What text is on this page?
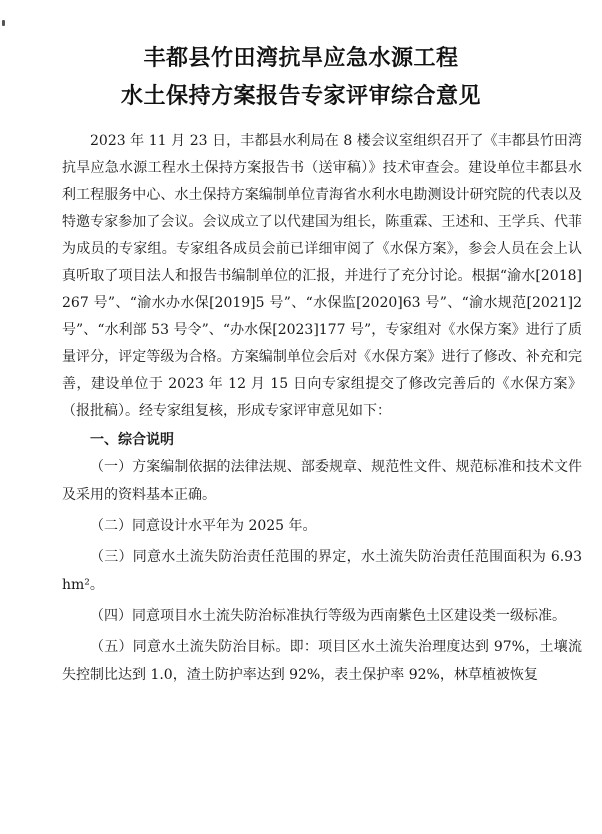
丰都县竹田湾抗旱应急水源工程
水土保持方案报告专家评审综合意见

2023 年 11 月 23 日，丰都县水利局在 8 楼会议室组织召开了《丰都县竹田湾抗旱应急水源工程水土保持方案报告书（送审稿）》技术审查会。建设单位丰都县水利工程服务中心、水土保持方案编制单位青海省水利水电勘测设计研究院的代表以及特邀专家参加了会议。会议成立了以代建国为组长，陈重霖、王述和、王学兵、代菲为成员的专家组。专家组各成员会前已详细审阅了《水保方案》，参会人员在会上认真听取了项目法人和报告书编制单位的汇报，并进行了充分讨论。根据“渝水[2018]267 号”、“渝水办水保[2019]5 号”、“水保监[2020]63 号”、“渝水规范[2021]2 号”、“水利部 53 号令”、“办水保[2023]177 号”，专家组对《水保方案》进行了质量评分，评定等级为合格。方案编制单位会后对《水保方案》进行了修改、补充和完善，建设单位于 2023 年 12 月 15 日向专家组提交了修改完善后的《水保方案》（报批稿）。经专家组复核，形成专家评审意见如下：

一、综合说明

（一）方案编制依据的法律法规、部委规章、规范性文件、规范标准和技术文件及采用的资料基本正确。

（二）同意设计水平年为 2025 年。

（三）同意水土流失防治责任范围的界定，水土流失防治责任范围面积为 6.93hm²。

（四）同意项目水土流失防治标准执行等级为西南紫色土区建设类一级标准。

（五）同意水土流失防治目标。即：项目区水土流失治理度达到 97%，土壤流失控制比达到 1.0，渣土防护率达到 92%，表土保护率 92%，林草植被恢复
